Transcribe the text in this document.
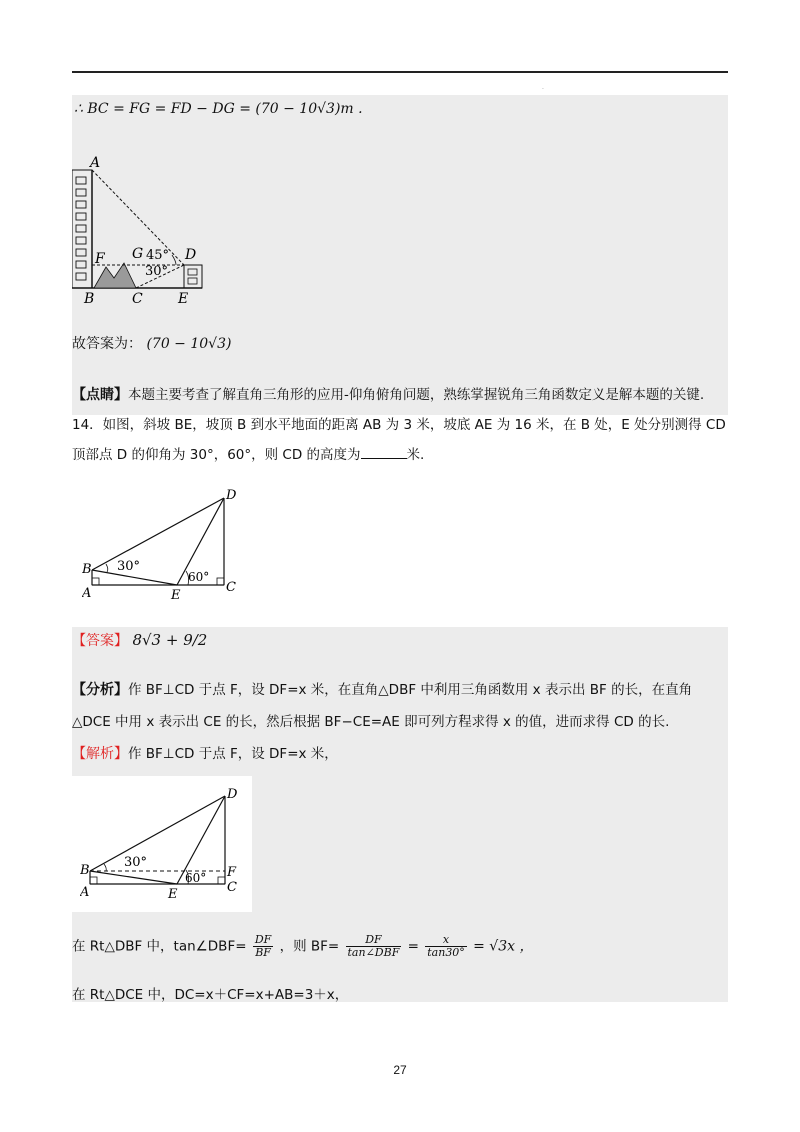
.
∴ BC = FG = FD − DG = (70 − 10√3)m .
A
F G 45°
30°
D
B	C	E
故答案为： (70 − 10√3)
【点睛】本题主要考查了解直角三角形的应用-仰角俯角问题，熟练掌握锐角三角函数定义是解本题的关键.
14．如图，斜坡 BE，坡顶 B 到水平地面的距离 AB 为 3 米，坡底 AE 为 16 米，在 B 处，E 处分别测得 CD
顶部点 D 的仰角为 30°，60°，则 CD 的高度为	米.
D
B
A	E
C
30°
60°
【答案】 8√3 + 9/2
【分析】作 BF⊥CD 于点 F，设 DF=x 米，在直角△DBF 中利用三角函数用 x 表示出 BF 的长，在直角
△DCE 中用 x 表示出 CE 的长，然后根据 BF−CE=AE 即可列方程求得 x 的值，进而求得 CD 的长.
【解析】作 BF⊥CD 于点 F，设 DF=x 米，
D
B
A	E
F
C
30°
60°
在 Rt△DBF 中，tan∠DBF= $\frac{DF}{BF}$ ，则 $BF= \frac{DF}{\text{tan∠DBF}} = \frac{x}{\tan 30^\circ} = √3x$ ，
在 Rt△DCE 中，DC=x＋CF=x+AB=3＋x，
27
